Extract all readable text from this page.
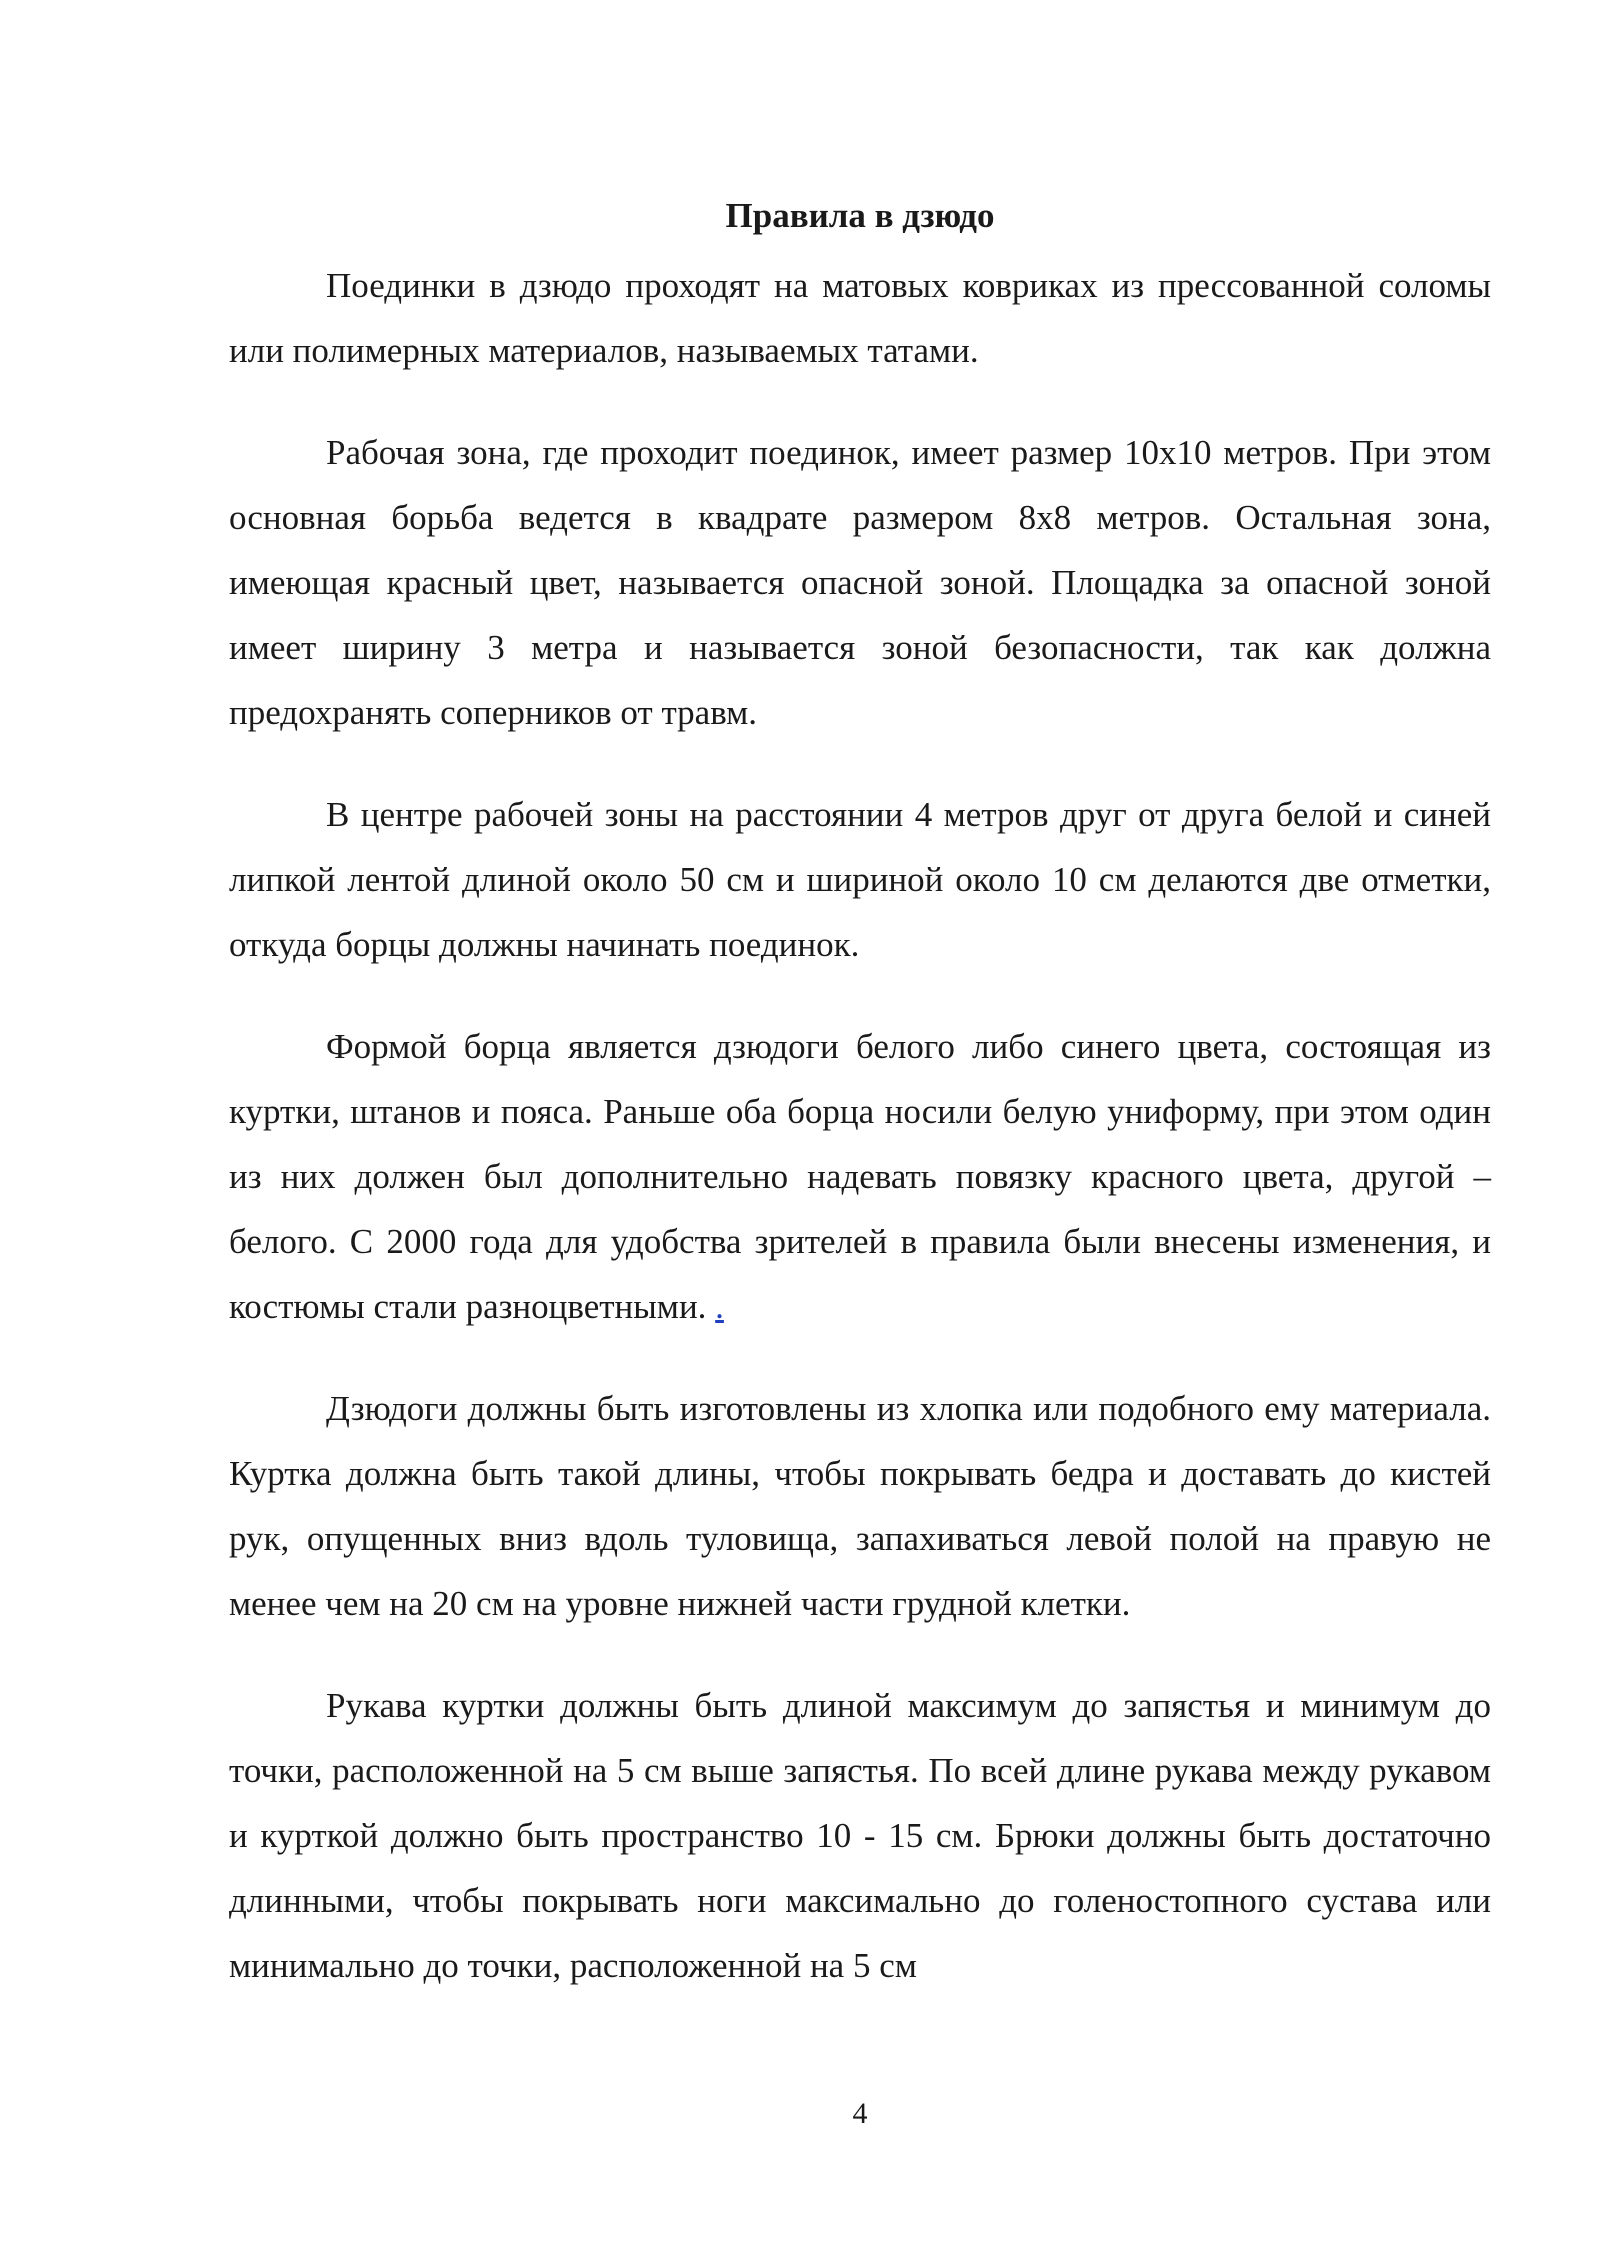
Правила в дзюдо

Поединки в дзюдо проходят на матовых ковриках из прессованной соломы или полимерных материалов, называемых татами.

Рабочая зона, где проходит поединок, имеет размер 10x10 метров. При этом основная борьба ведется в квадрате размером 8x8 метров. Остальная зона, имеющая красный цвет, называется опасной зоной. Площадка за опасной зоной имеет ширину 3 метра и называется зоной безопасности, так как должна предохранять соперников от травм.

В центре рабочей зоны на расстоянии 4 метров друг от друга белой и синей липкой лентой длиной около 50 см и шириной около 10 см делаются две отметки, откуда борцы должны начинать поединок.

Формой борца является дзюдоги белого либо синего цвета, состоящая из куртки, штанов и пояса. Раньше оба борца носили белую униформу, при этом один из них должен был дополнительно надевать повязку красного цвета, другой – белого. С 2000 года для удобства зрителей в правила были внесены изменения, и костюмы стали разноцветными. .

Дзюдоги должны быть изготовлены из хлопка или подобного ему материала. Куртка должна быть такой длины, чтобы покрывать бедра и доставать до кистей рук, опущенных вниз вдоль туловища, запахиваться левой полой на правую не менее чем на 20 см на уровне нижней части грудной клетки.

Рукава куртки должны быть длиной максимум до запястья и минимум до точки, расположенной на 5 см выше запястья. По всей длине рукава между рукавом и курткой должно быть пространство 10 - 15 см. Брюки должны быть достаточно длинными, чтобы покрывать ноги максимально до голеностопного сустава или минимально до точки, расположенной на 5 см

4
